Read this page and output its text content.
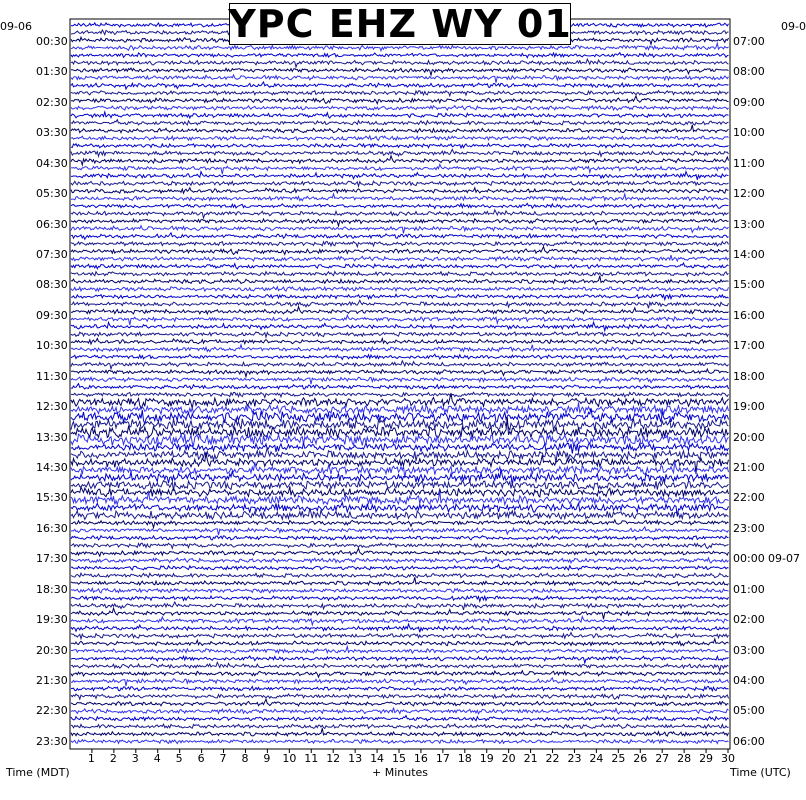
YPC EHZ WY 01
09-06	09-0
00:30
01:30
02:30
03:30
04:30
05:30
06:30
07:30
08:30
09:30
10:30
11:30
12:30
13:30
14:30
15:30
16:30
17:30
18:30
19:30
20:30
21:30
22:30
23:30
07:00
08:00
09:00
10:00
11:00
12:00
13:00
14:00
15:00
16:00
17:00
18:00
19:00
20:00
21:00
22:00
23:00
00:00 09-07
01:00
02:00
03:00
04:00
05:00
06:00
1 2 3 4 5 6 7 8 9 10 11 12 13 14 15 16 17 18 19 20 21 22 23 24 25 26 27 28 29 30
Time (MDT)	+ Minutes	Time (UTC)
